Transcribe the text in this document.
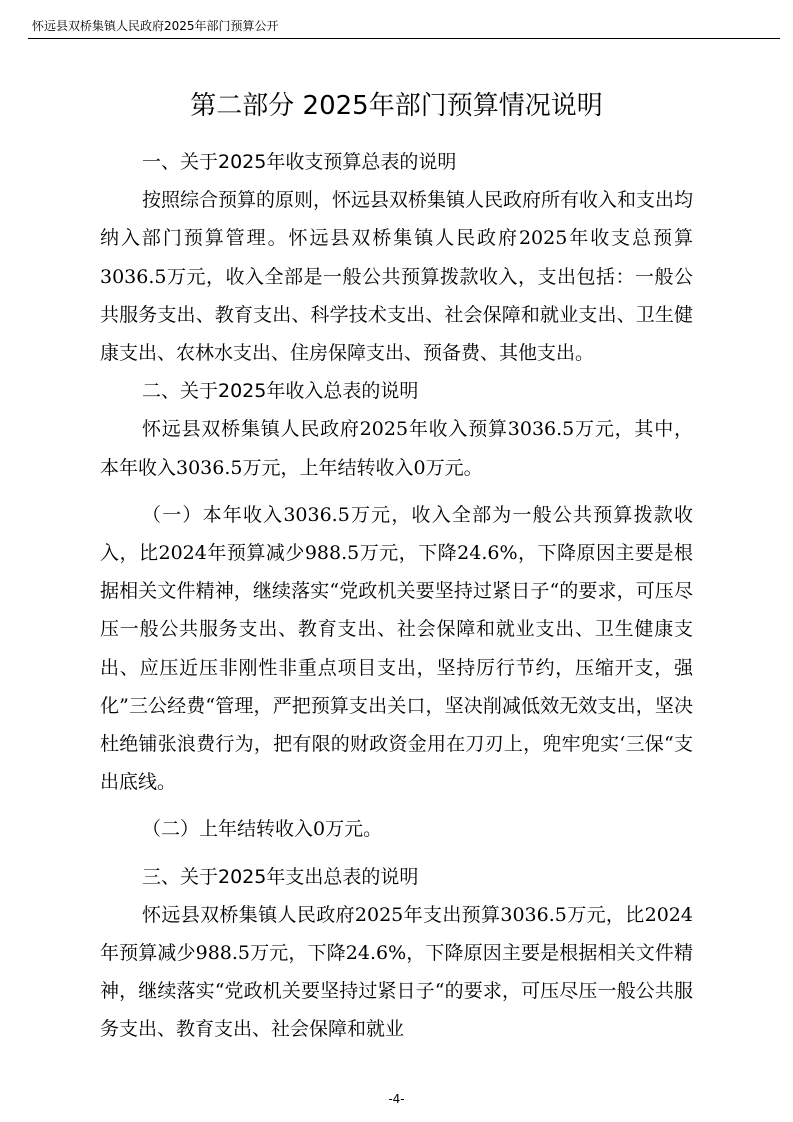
怀远县双桥集镇人民政府2025年部门预算公开
第二部分 2025年部门预算情况说明

一、关于2025年收支预算总表的说明

按照综合预算的原则，怀远县双桥集镇人民政府所有收入和支出均纳入部门预算管理。怀远县双桥集镇人民政府2025年收支总预算3036.5万元，收入全部是一般公共预算拨款收入，支出包括：一般公共服务支出、教育支出、科学技术支出、社会保障和就业支出、卫生健康支出、农林水支出、住房保障支出、预备费、其他支出。

二、关于2025年收入总表的说明

怀远县双桥集镇人民政府2025年收入预算3036.5万元，其中，本年收入3036.5万元，上年结转收入0万元。

（一）本年收入3036.5万元，收入全部为一般公共预算拨款收入，比2024年预算减少988.5万元，下降24.6%，下降原因主要是根据相关文件精神，继续落实“党政机关要坚持过紧日子“的要求，可压尽压一般公共服务支出、教育支出、社会保障和就业支出、卫生健康支出、应压近压非刚性非重点项目支出，坚持厉行节约，压缩开支，强化”三公经费“管理，严把预算支出关口，坚决削减低效无效支出，坚决杜绝铺张浪费行为，把有限的财政资金用在刀刃上，兜牢兜实‘三保“支出底线。

（二）上年结转收入0万元。

三、关于2025年支出总表的说明

怀远县双桥集镇人民政府2025年支出预算3036.5万元，比2024年预算减少988.5万元，下降24.6%，下降原因主要是根据相关文件精神，继续落实“党政机关要坚持过紧日子“的要求，可压尽压一般公共服务支出、教育支出、社会保障和就业

-4-
